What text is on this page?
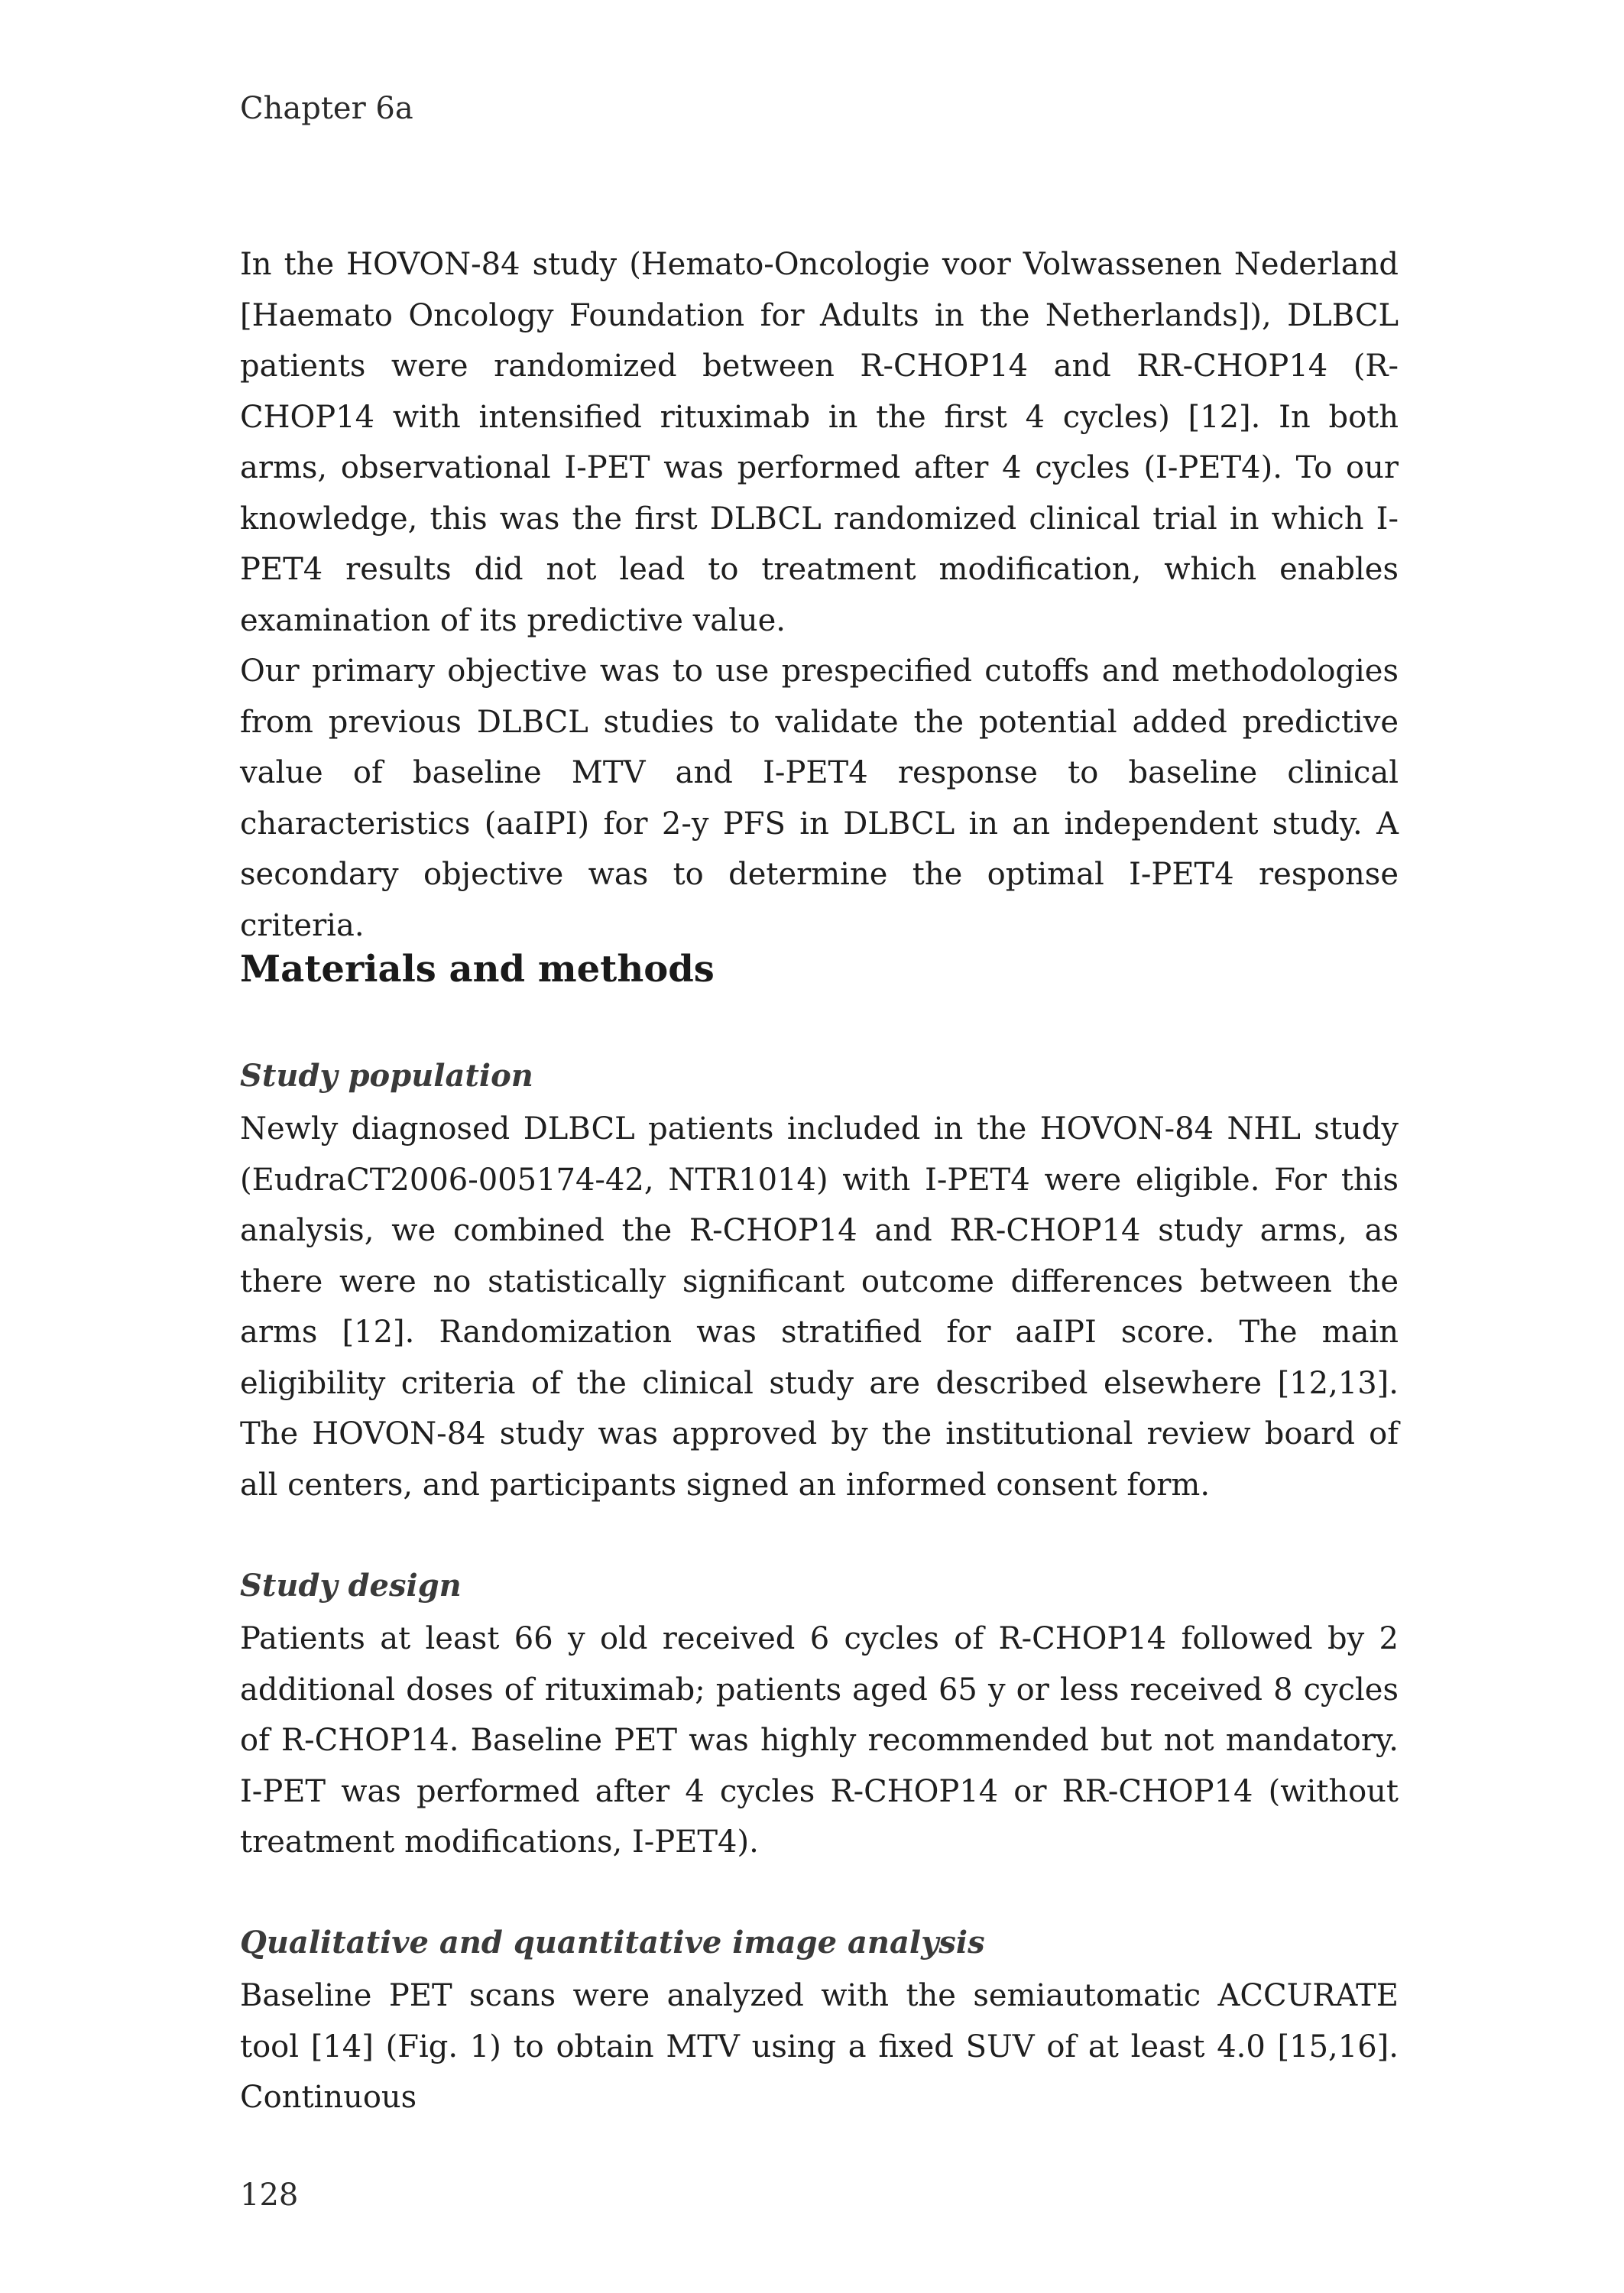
Chapter 6a

In the HOVON-84 study (Hemato-Oncologie voor Volwassenen Nederland [Haemato Oncology Foundation for Adults in the Netherlands]), DLBCL patients were randomized between R-CHOP14 and RR-CHOP14 (R-CHOP14 with intensified rituximab in the first 4 cycles) [12]. In both arms, observational I-PET was performed after 4 cycles (I-PET4). To our knowledge, this was the first DLBCL randomized clinical trial in which I-PET4 results did not lead to treatment modification, which enables examination of its predictive value.

Our primary objective was to use prespecified cutoffs and methodologies from previous DLBCL studies to validate the potential added predictive value of baseline MTV and I-PET4 response to baseline clinical characteristics (aaIPI) for 2-y PFS in DLBCL in an independent study. A secondary objective was to determine the optimal I-PET4 response criteria.

Materials and methods
Study population

Newly diagnosed DLBCL patients included in the HOVON-84 NHL study (EudraCT2006-005174-42, NTR1014) with I-PET4 were eligible. For this analysis, we combined the R-CHOP14 and RR-CHOP14 study arms, as there were no statistically significant outcome differences between the arms [12]. Randomization was stratified for aaIPI score. The main eligibility criteria of the clinical study are described elsewhere [12,13]. The HOVON-84 study was approved by the institutional review board of all centers, and participants signed an informed consent form.

Study design

Patients at least 66 y old received 6 cycles of R-CHOP14 followed by 2 additional doses of rituximab; patients aged 65 y or less received 8 cycles of R-CHOP14. Baseline PET was highly recommended but not mandatory. I-PET was performed after 4 cycles R-CHOP14 or RR-CHOP14 (without treatment modifications, I-PET4).

Qualitative and quantitative image analysis

Baseline PET scans were analyzed with the semiautomatic ACCURATE tool [14] (Fig. 1) to obtain MTV using a fixed SUV of at least 4.0 [15,16]. Continuous

128
